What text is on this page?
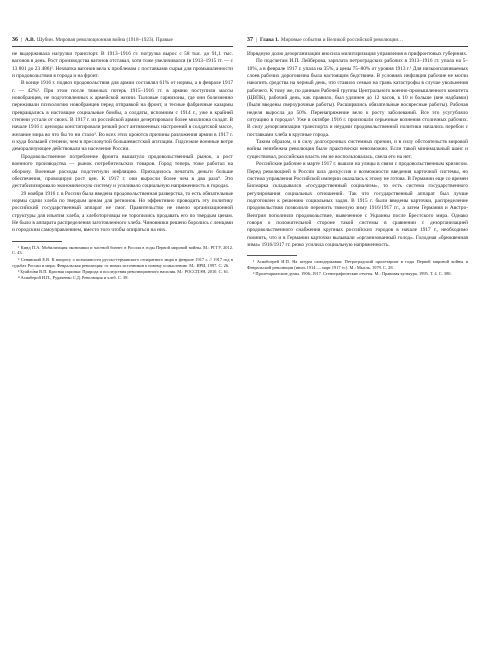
36 | А.В. Шубин. Мировая революционная война (1918–1923). Правые

не выдерживала нагрузки транспорт. В 1913–1916 гг. погрузка вырос с 58 тыс. до 91,1 тыс. вагонов в день. Рост производства вагонов отставал, хотя тоже увеличивался (в 1913–1915 гг. — с 13 801 до 23 486)¹. Нехватка вагонов вела к проблемам с поставками сырья для промышленности и продовольствия в города и на фронт.

В конце 1916 г. подвоз продовольствия для армии составлял 61% от нормы, а в феврале 1917 г. — 42%². При этом после тяжелых потерь 1915–1916 гг. в армию поступили массы новобранцев, не подготовленных к армейской жизни. Тыловые гарнизоны, где они болезненно переживали психологию новобранцев перед отправкой на фронт, и тесные фабричные казармы превращались в настоящие социальные бомбы, а солдаты, вспомним с 1914 г., уже в крайней степени устали от своих. В 1917 г. из российской армии дезертировало более миллиона солдат. В начале 1916 г. цензоры констатировали резкий рост антивоенных настроений в солдатской массе, желание мира во что бы то ни стало³. Во всех этих кроются причины разложения армии в 1917 г. и куда большей степени, чем в пресловутой большевистской агитации. Гидсеэкие военные вотре деморализующее действовали на население России.

Продовольственное потребление фронта вышатуло продовольственный рынок, а рост военного производства — рынок потребительских товаров. Город теперь тоже работал на оборону. Военные расходы подстегнули инфляцию. Приходилось печатать деньги больше обеспечения, провоцируя рост цен. К 1917 г. они выросли более чем в два раза⁴. Это дестабилизировало экономическую систему и усиливало социальную напряженность в городах.

29 ноября 1916 г. в России была введена продовольственная разверстка, то есть обязательные нормы сдачи хлеба по твердым ценам для регионов. Но эффективно проводить эту политику российский государственный аппарат не смог. Правительство не имело организационной структуры для изъятия хлеба, а хлеботорговцы не торопились продавать его по твердым ценам. Не было в аппарата распределения заготовленного хлеба. Чиновники решено боролись с ленцами и городским самоуправлением, вместо того чтобы опираться на них.

¹ Кинд П.А. Мобилизация экономики и частной бизнес в России в годы Первой мировой войны. М.: РГГУ, 2012. С. 43.

² Сенявский Е.В. К вопросу о возможности русско-германского сепаратного мира в феврале 1917 г. // 1917 год в судьбах России и мира. Февральская революция: от новых источников к новому осмыслению. М.: ИРИ, 1997. С. 26.

³ Буайло́ви В.П. Красная скрипка: Природа и последствия революционного насилия. М.: РОССПЭН, 2010. С. 61.

⁴ Асиаберой И.П., Рудаченко С.Д. Революция и хлеб. С. 38.

37 | Глава 1. Мировые события и Великой российской революции…

Изрядную долю дезорганизации вносила милитаризация управления в прифронтовых губерниях.

По подсчетам И.П. Лейберова, зарплата петроградских рабочих в 1913–1916 гг. упала на 5–10%, а в феврале 1917 г. упала на 35%, а цены 75–80% от уровня 1913 г.¹ Для низкооплачиваемых слоев рабочих дороговизна была настоящим бедствием. В условиях инфляции рабочие не могли накопить средства на черный день, что ставило семью на грань катастрофы в случае увольнения рабочего. К тому же, по данным Рабочей группы Центрального военно-промышленного комитета (ЦВПК), рабочий день, как правило, был удлинен до 12 часов, к 10 и больше (вне надбавки) (были введены сверхурочные работы). Расширялись обязательные восвресные работы). Рабочая неделя выросла до 50%. Перенапряжение вело к росту заболеваний. Все это усугубляло ситуацию в городах². Уже в октябре 1916 г. произошли серьезные волнения столичных рабочих. В силу дезорганизации транспорта и неудачи продовольственной политики начались перебои с поставками хлеба в крупные города.

Таким образом, и в силу долгосрочных системных причин, и в силу обстоятельств мировой войны неизбежна революция было практически невозможно. Если такой минимальный шанс и существовал, российская власть им не воспользовалась, свела его на нет.

Российские рабочие в марте 1917 г. вышли на улицы в связи с продовольственным кризисом. Перед революцией в России шла дискуссия о возможности введения карточной системы, но система управления Российской империи оказалась к этому не готова. В Германии еще со времен Бисмарка складывался «государственный социализм», то есть система государственного регулирования социальных отношений. Так что государственный аппарат был лучше подготовлен к решению социальных задач. В 1915 г. были введены карточки, распределение продовольствия позволило пережить тяжелую зиму 1916/1917 гг., а затем Германия и Австро-Венгрия пополнили продовольствие, вывезенное с Украины после Брестского мира. Однако говоря о положительной стороне такой системы в сравнении с дезорганизацией продовольственного снабжения крупных российских городов в начале 1917 г., необходимо помнить, что и в Германии карточки вызывали «организованный голод». Голодная «брюквенная зима» 1916/1917 гг. резко усилила социальную напряженность.

¹ Асиабоерей И.П. На штурм самодержавия: Петроградский пролетариат в годы Первой мировой войны и Февральской революции (июль 1914 — март 1917 гг.). М.: Мысль, 1979. С. 28.

² Пролетариатские думы. 1906–1917. Стенографические отчеты. М.: Правовая культура, 1995. Т. 4. С. 380.
